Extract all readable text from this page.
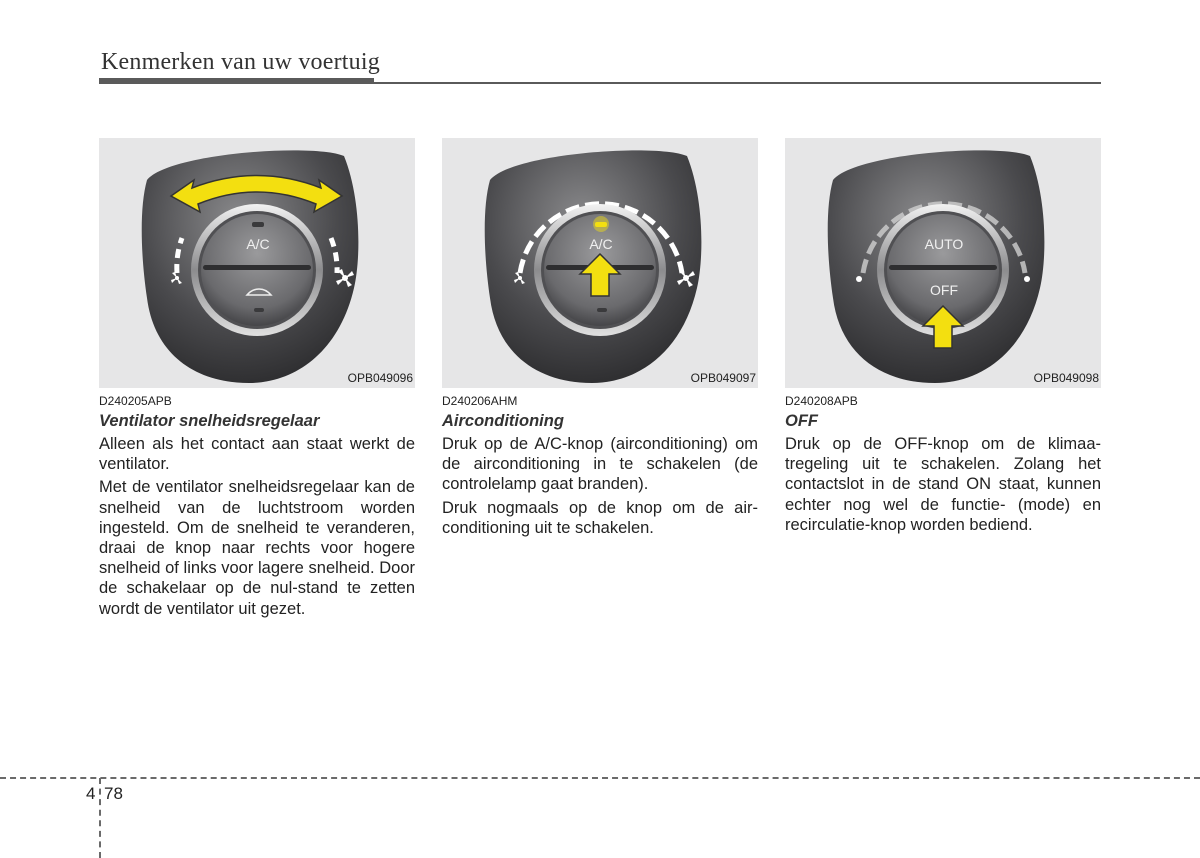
Kenmerken van uw voertuig
A/C
OPB049096
D240205APB
Ventilator snelheidsregelaar
Alleen als het contact aan staat werkt de ventilator.
Met de ventilator snelheidsregelaar kan de snelheid van de luchtstroom worden ingesteld. Om de snelheid te veranderen, draai de knop naar rechts voor hogere snelheid of links voor lagere snelheid. Door de schakelaar op de nul-stand te zetten wordt de ventilator uit gezet.
A/C
OPB049097
D240206AHM
Airconditioning
Druk op de A/C-knop (airconditioning) om de airconditioning in te schakelen (de controlelamp gaat branden).
Druk nogmaals op de knop om de air-conditioning uit te schakelen.
AUTO
OFF
OPB049098
D240208APB
OFF
Druk op de OFF-knop om de klimaa-tregeling uit te schakelen. Zolang het contactslot in de stand ON staat, kunnen echter nog wel de functie- (mode) en recirculatie-knop worden bediend.
4 78
